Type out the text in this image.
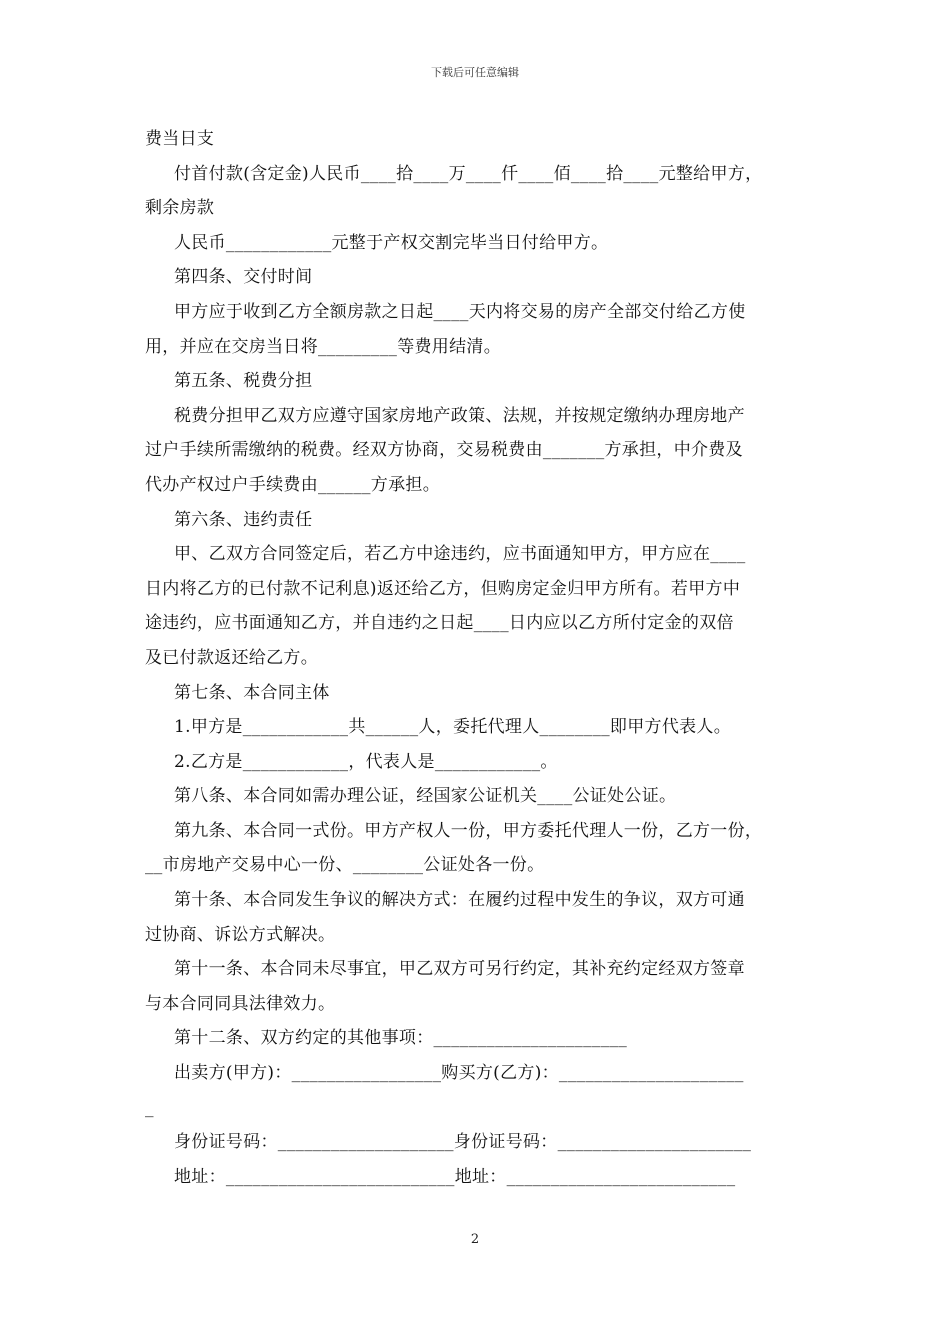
下载后可任意编辑

费当日支

付首付款(含定金)人民币____拾____万____仟____佰____拾____元整给甲方，

剩余房款

人民币____________元整于产权交割完毕当日付给甲方。

第四条、交付时间

甲方应于收到乙方全额房款之日起____天内将交易的房产全部交付给乙方使

用，并应在交房当日将_________等费用结清。

第五条、税费分担

税费分担甲乙双方应遵守国家房地产政策、法规，并按规定缴纳办理房地产

过户手续所需缴纳的税费。经双方协商，交易税费由_______方承担，中介费及

代办产权过户手续费由______方承担。

第六条、违约责任

甲、乙双方合同签定后，若乙方中途违约，应书面通知甲方，甲方应在____

日内将乙方的已付款不记利息)返还给乙方，但购房定金归甲方所有。若甲方中

途违约，应书面通知乙方，并自违约之日起____日内应以乙方所付定金的双倍

及已付款返还给乙方。

第七条、本合同主体

1.甲方是____________共______人，委托代理人________即甲方代表人。

2.乙方是____________，代表人是____________。

第八条、本合同如需办理公证，经国家公证机关____公证处公证。

第九条、本合同一式份。甲方产权人一份，甲方委托代理人一份，乙方一份，

__市房地产交易中心一份、________公证处各一份。

第十条、本合同发生争议的解决方式：在履约过程中发生的争议，双方可通

过协商、诉讼方式解决。

第十一条、本合同未尽事宜，甲乙双方可另行约定，其补充约定经双方签章

与本合同同具法律效力。

第十二条、双方约定的其他事项：______________________

出卖方(甲方)：_________________购买方(乙方)：_____________________

_

身份证号码：____________________身份证号码：______________________

地址：__________________________地址：__________________________

2
